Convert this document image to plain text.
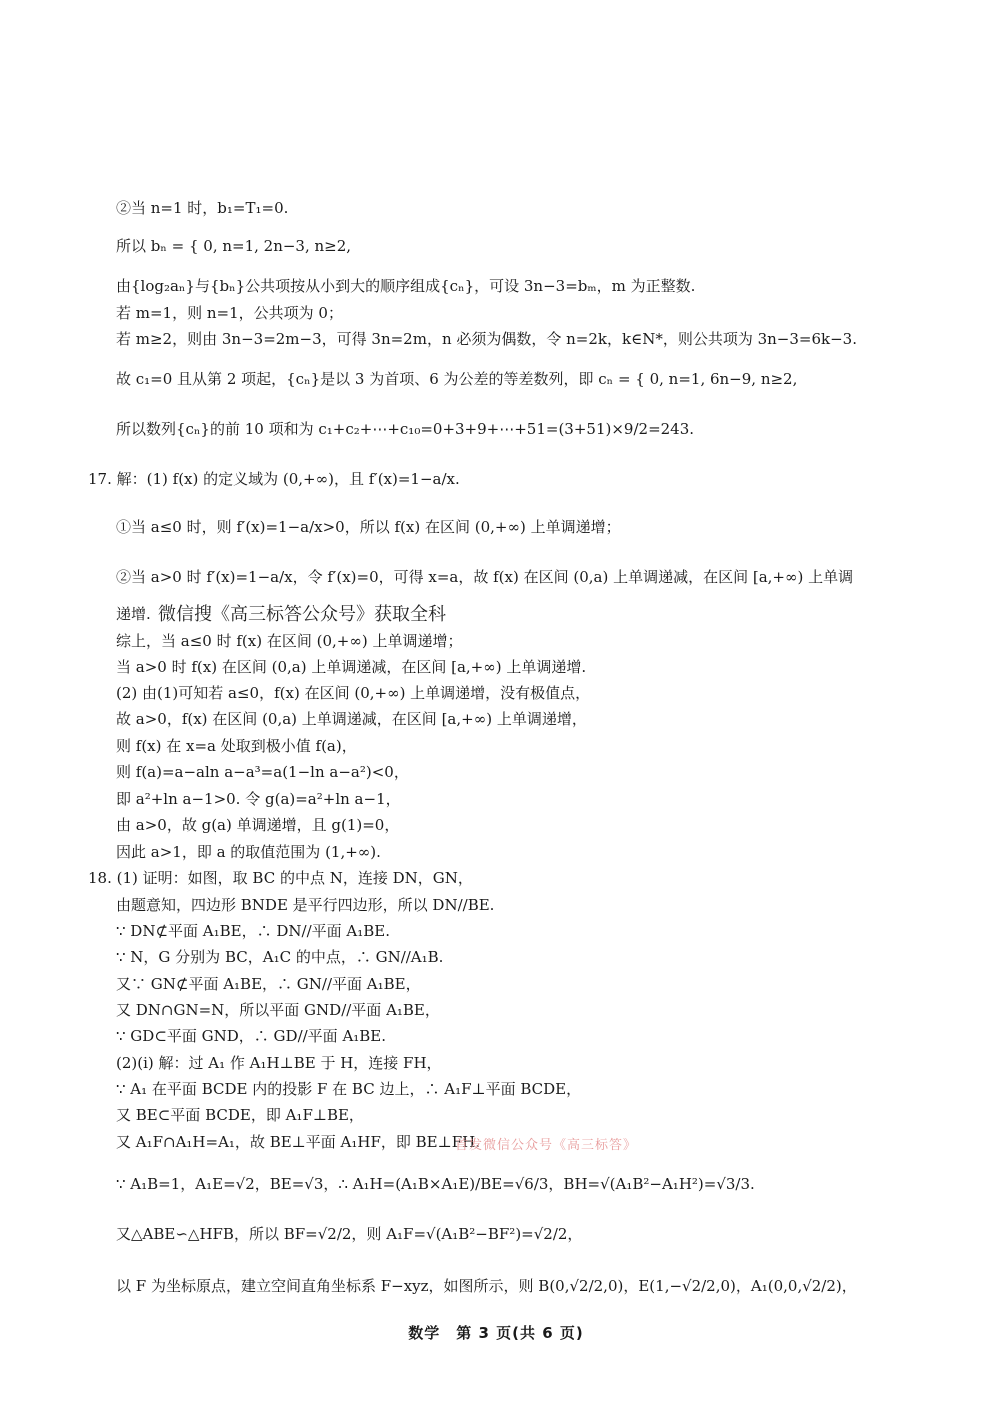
②当 n=1 时，b₁=T₁=0.
所以 bₙ = { 0, n=1, 2n−3, n≥2,
由{log₂aₙ}与{bₙ}公共项按从小到大的顺序组成{cₙ}，可设 3n−3=bₘ，m 为正整数.
若 m=1，则 n=1，公共项为 0；
若 m≥2，则由 3n−3=2m−3，可得 3n=2m，n 必须为偶数，令 n=2k，k∈N*，则公共项为 3n−3=6k−3.
故 c₁=0 且从第 2 项起，{cₙ}是以 3 为首项、6 为公差的等差数列，即 cₙ = { 0, n=1, 6n−9, n≥2,
所以数列{cₙ}的前 10 项和为 c₁+c₂+⋯+c₁₀=0+3+9+⋯+51=(3+51)×9/2=243.
17. 解：(1) f(x) 的定义域为 (0,+∞)，且 f′(x)=1−a/x.
①当 a≤0 时，则 f′(x)=1−a/x>0，所以 f(x) 在区间 (0,+∞) 上单调递增；
②当 a>0 时 f′(x)=1−a/x，令 f′(x)=0，可得 x=a，故 f(x) 在区间 (0,a) 上单调递减，在区间 [a,+∞) 上单调
递增. 微信搜《高三标答公众号》获取全科
综上，当 a≤0 时 f(x) 在区间 (0,+∞) 上单调递增；
当 a>0 时 f(x) 在区间 (0,a) 上单调递减，在区间 [a,+∞) 上单调递增.
(2) 由(1)可知若 a≤0，f(x) 在区间 (0,+∞) 上单调递增，没有极值点，
故 a>0，f(x) 在区间 (0,a) 上单调递减，在区间 [a,+∞) 上单调递增，
则 f(x) 在 x=a 处取到极小值 f(a)，
则 f(a)=a−aln a−a³=a(1−ln a−a²)<0，
即 a²+ln a−1>0. 令 g(a)=a²+ln a−1，
由 a>0，故 g(a) 单调递增，且 g(1)=0，
因此 a>1，即 a 的取值范围为 (1,+∞).
18. (1) 证明：如图，取 BC 的中点 N，连接 DN，GN，
由题意知，四边形 BNDE 是平行四边形，所以 DN//BE.
∵ DN⊄平面 A₁BE，∴ DN//平面 A₁BE.
∵ N，G 分别为 BC，A₁C 的中点，∴ GN//A₁B.
又∵ GN⊄平面 A₁BE，∴ GN//平面 A₁BE，
又 DN∩GN=N，所以平面 GND//平面 A₁BE，
∵ GD⊂平面 GND，∴ GD//平面 A₁BE.
(2)(i) 解：过 A₁ 作 A₁H⊥BE 于 H，连接 FH，
∵ A₁ 在平面 BCDE 内的投影 F 在 BC 边上，∴ A₁F⊥平面 BCDE，
又 BE⊂平面 BCDE，即 A₁F⊥BE，
又 A₁F∩A₁H=A₁，故 BE⊥平面 A₁HF，即 BE⊥FH.
首发微信公众号《高三标答》
∵ A₁B=1，A₁E=√2，BE=√3，∴ A₁H=(A₁B×A₁E)/BE=√6/3，BH=√(A₁B²−A₁H²)=√3/3.
又△ABE∽△HFB，所以 BF=√2/2，则 A₁F=√(A₁B²−BF²)=√2/2，
以 F 为坐标原点，建立空间直角坐标系 F−xyz，如图所示，则 B(0,√2/2,0)，E(1,−√2/2,0)，A₁(0,0,√2/2)，
数学　第 3 页(共 6 页)
